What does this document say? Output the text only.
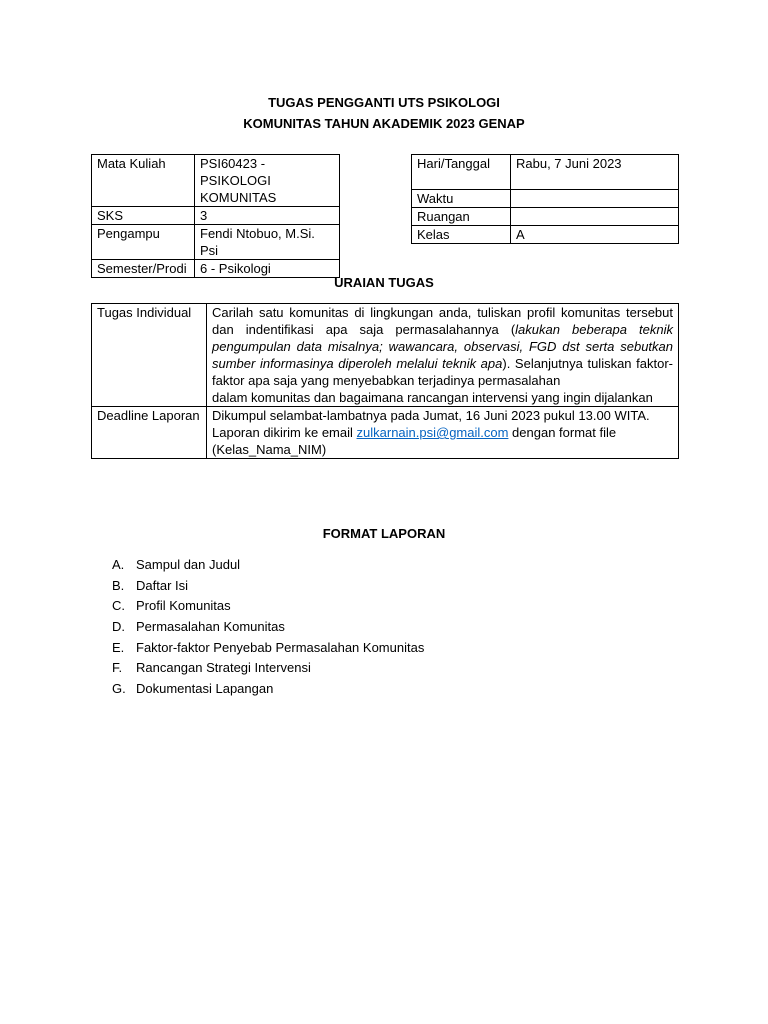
TUGAS PENGGANTI UTS PSIKOLOGI
KOMUNITAS TAHUN AKADEMIK 2023 GENAP
Mata Kuliah	PSI60423 - PSIKOLOGI KOMUNITAS
SKS	3
Pengampu	Fendi Ntobuo, M.Si. Psi
Semester/Prodi	6 - Psikologi
Hari/Tanggal	Rabu, 7 Juni 2023
Waktu	
Ruangan	
Kelas	A
URAIAN TUGAS
Tugas Individual	Carilah satu komunitas di lingkungan anda, tuliskan profil komunitas tersebut dan indentifikasi apa saja permasalahannya (lakukan beberapa teknik pengumpulan data misalnya; wawancara, observasi, FGD dst serta sebutkan sumber informasinya diperoleh melalui teknik apa). Selanjutnya tuliskan faktor-faktor apa saja yang menyebabkan terjadinya permasalahan
dalam komunitas dan bagaimana rancangan intervensi yang ingin dijalankan

Deadline Laporan	Dikumpul selambat-lambatnya pada Jumat, 16 Juni 2023 pukul 13.00 WITA.
Laporan dikirim ke email zulkarnain.psi@gmail.com dengan format file (Kelas_Nama_NIM)
FORMAT LAPORAN
A. Sampul dan Judul
B. Daftar Isi
C. Profil Komunitas
D. Permasalahan Komunitas
E. Faktor-faktor Penyebab Permasalahan Komunitas
F. Rancangan Strategi Intervensi
G. Dokumentasi Lapangan
